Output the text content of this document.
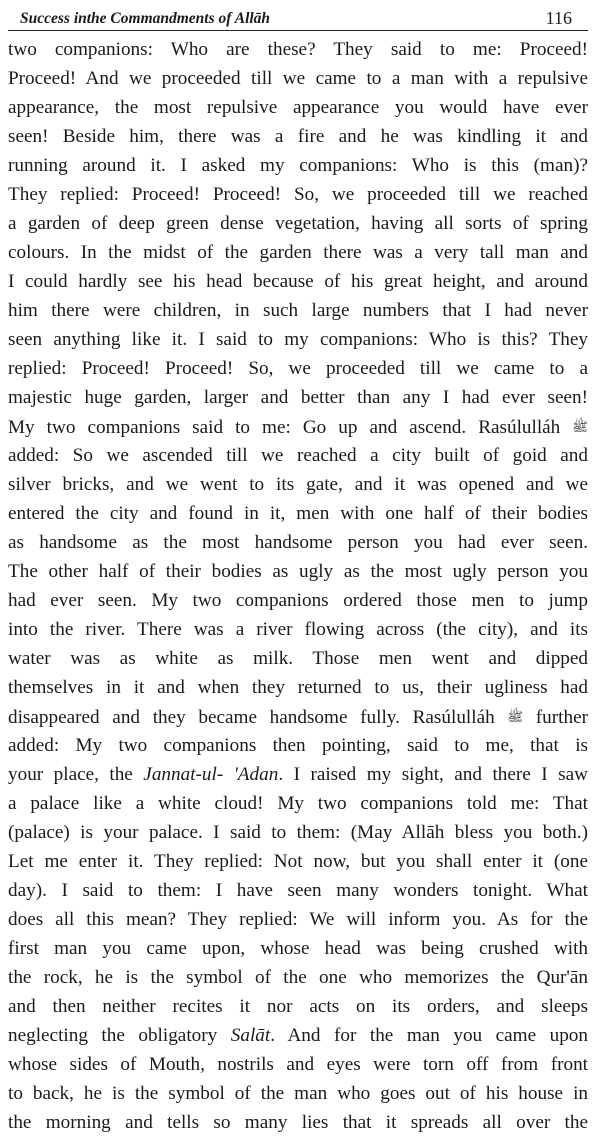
Success inthe Commandments of Allāh	116
two companions: Who are these? They said to me: Proceed!
Proceed! And we proceeded till we came to a man with a repulsive
appearance, the most repulsive appearance you would have ever
seen! Beside him, there was a fire and he was kindling it and
running around it. I asked my companions: Who is this (man)?
They replied: Proceed! Proceed! So, we proceeded till we reached
a garden of deep green dense vegetation, having all sorts of spring
colours. In the midst of the garden there was a very tall man and
I could hardly see his head because of his great height, and around
him there were children, in such large numbers that I had never
seen anything like it. I said to my companions: Who is this? They
replied: Proceed! Proceed! So, we proceeded till we came to a
majestic huge garden, larger and better than any I had ever seen!
My two companions said to me: Go up and ascend. Rasúlulláh ﷺ
added: So we ascended till we reached a city built of goid and
silver bricks, and we went to its gate, and it was opened and we
entered the city and found in it, men with one half of their bodies
as handsome as the most handsome person you had ever seen.
The other half of their bodies as ugly as the most ugly person you
had ever seen. My two companions ordered those men to jump
into the river. There was a river flowing across (the city), and its
water was as white as milk. Those men went and dipped
themselves in it and when they returned to us, their ugliness had
disappeared and they became handsome fully. Rasúlulláh ﷺ further
added: My two companions then pointing, said to me, that is
your place, the Jannat-ul- 'Adan. I raised my sight, and there I saw
a palace like a white cloud! My two companions told me: That
(palace) is your palace. I said to them: (May Allāh bless you both.)
Let me enter it. They replied: Not now, but you shall enter it (one
day). I said to them: I have seen many wonders tonight. What
does all this mean? They replied: We will inform you. As for the
first man you came upon, whose head was being crushed with
the rock, he is the symbol of the one who memorizes the Qur'ān
and then neither recites it nor acts on its orders, and sleeps
neglecting the obligatory Salāt. And for the man you came upon
whose sides of Mouth, nostrils and eyes were torn off from front
to back, he is the symbol of the man who goes out of his house in
the morning and tells so many lies that it spreads all over the
